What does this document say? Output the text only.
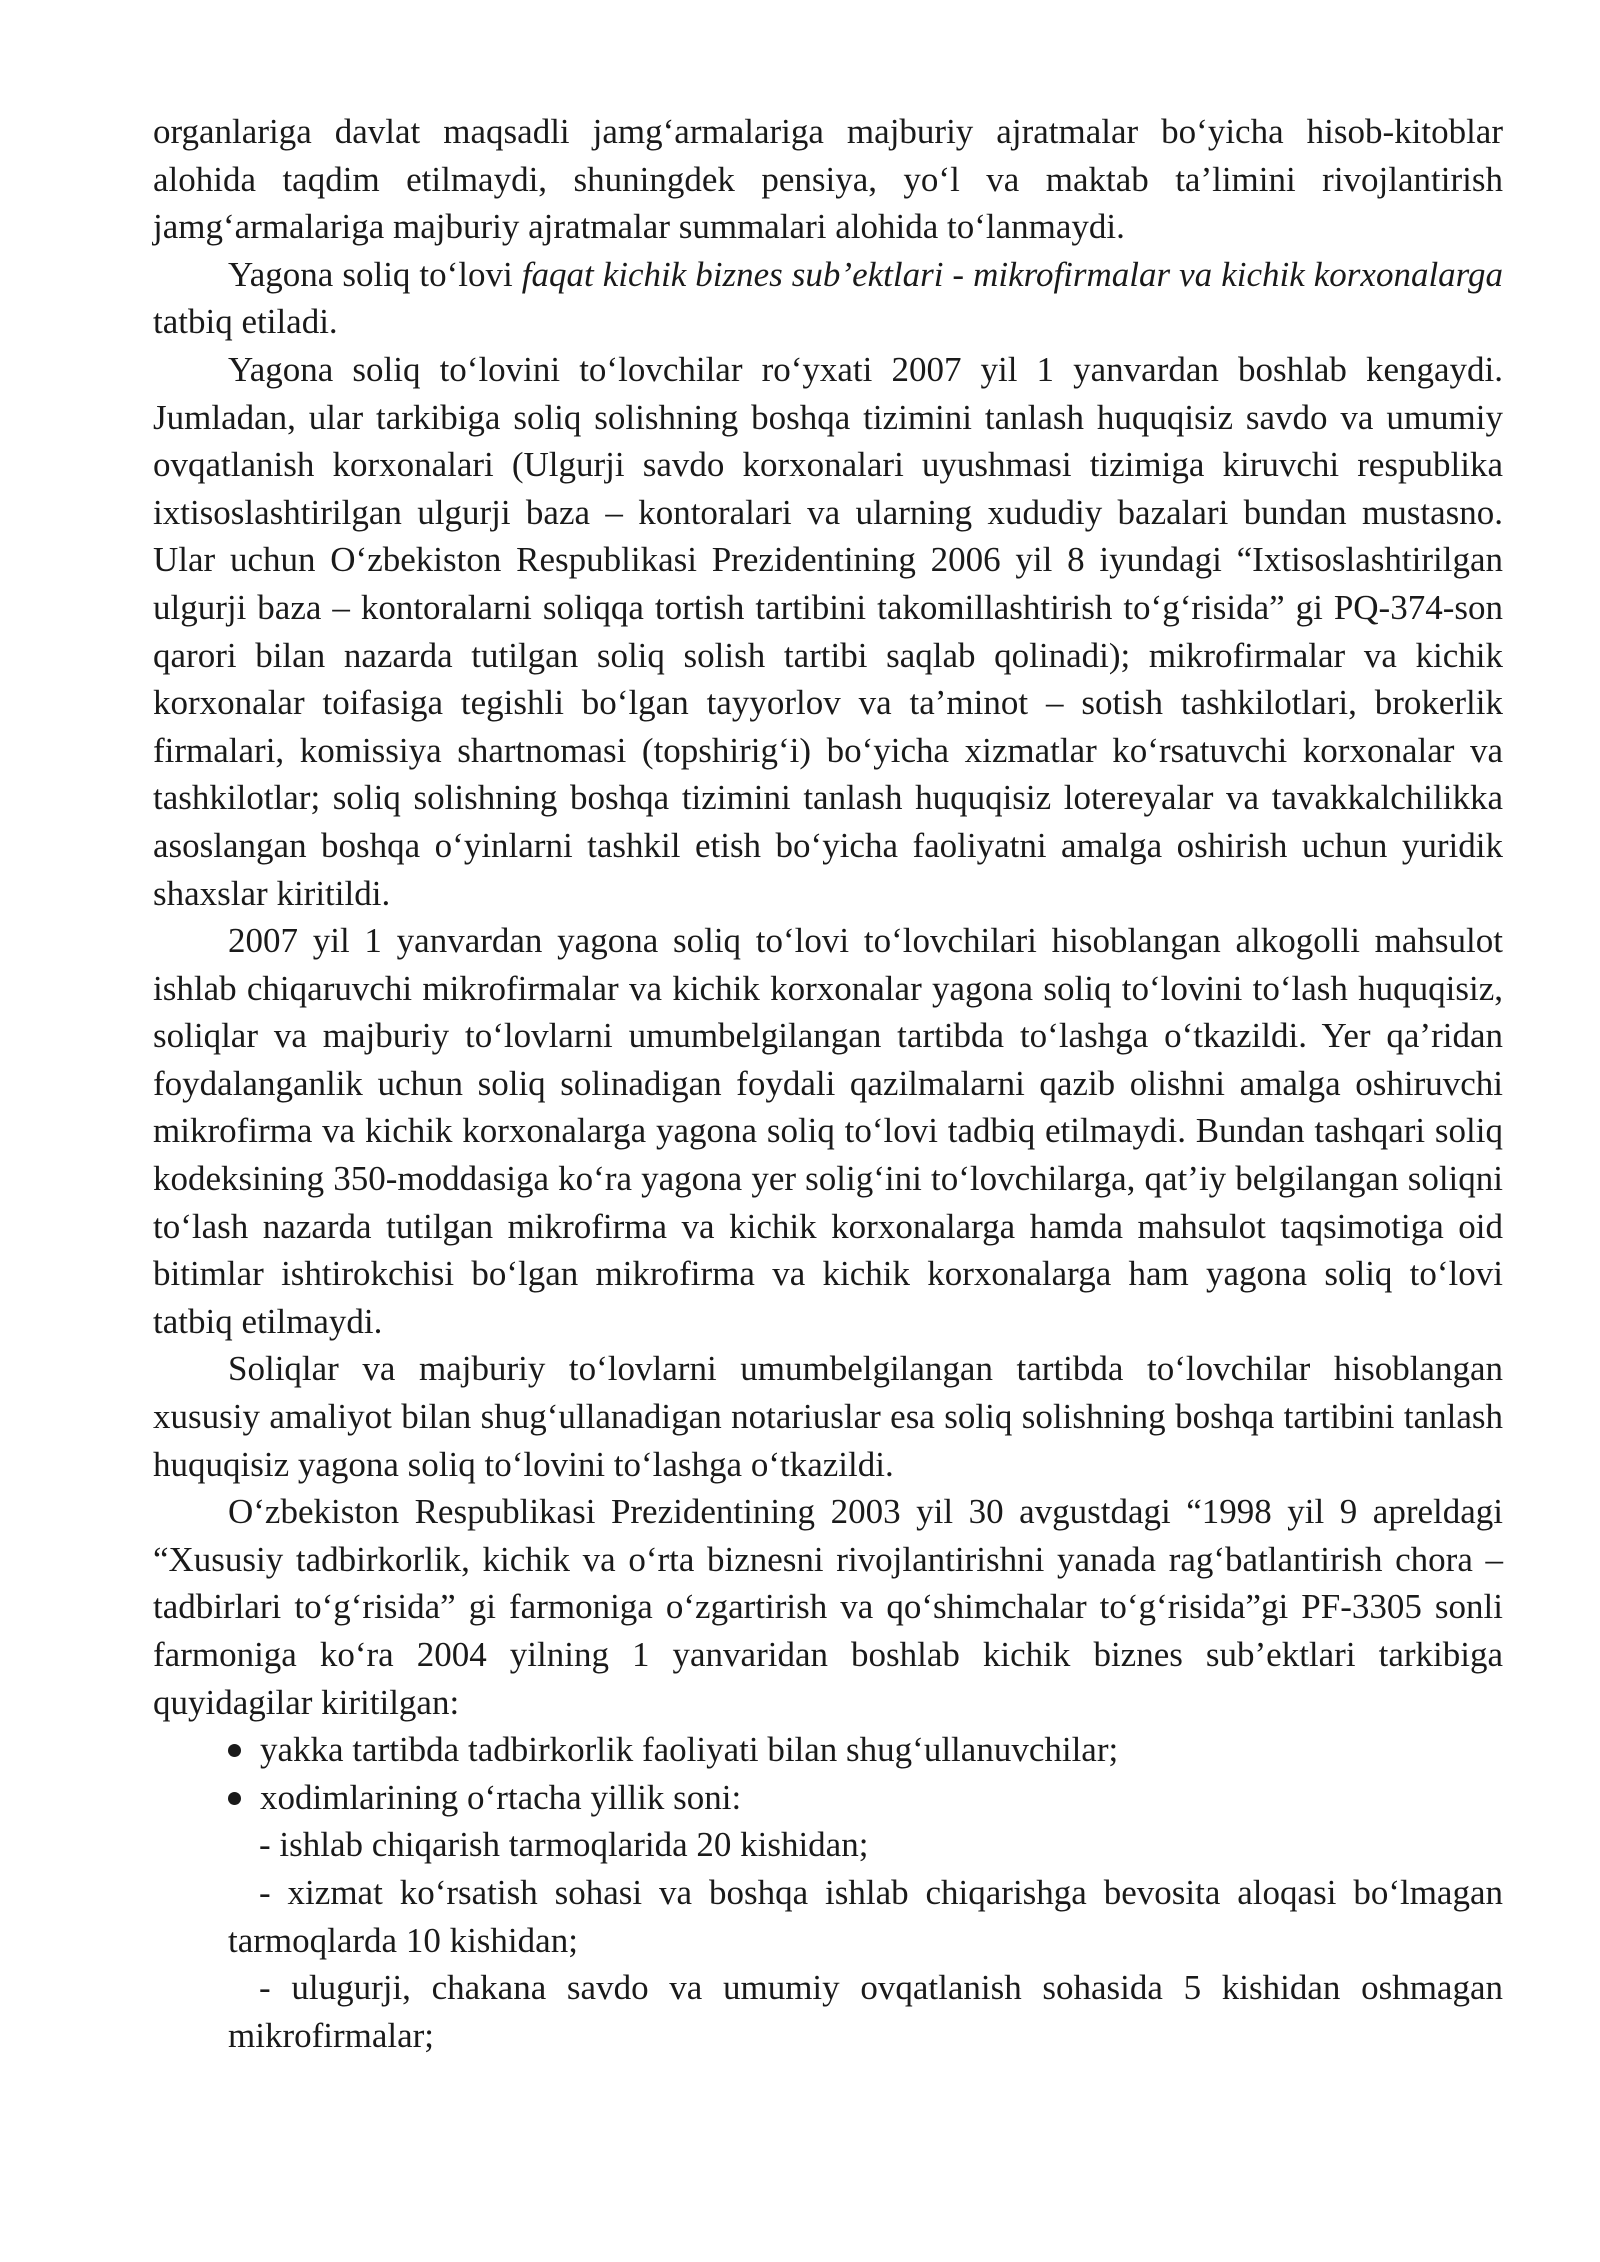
organlariga davlat maqsadli jamg‘armalariga majburiy ajratmalar bo‘yicha hisob-kitoblar alohida taqdim etilmaydi, shuningdek pensiya, yo‘l va maktab ta’limini rivojlantirish jamg‘armalariga majburiy ajratmalar summalari alohida to‘lanmaydi.

Yagona soliq to‘lovi faqat kichik biznes sub’ektlari - mikrofirmalar va kichik korxonalarga tatbiq etiladi.

Yagona soliq to‘lovini to‘lovchilar ro‘yxati 2007 yil 1 yanvardan boshlab kengaydi. Jumladan, ular tarkibiga soliq solishning boshqa tizimini tanlash huquqisiz savdo va umumiy ovqatlanish korxonalari (Ulgurji savdo korxonalari uyushmasi tizimiga kiruvchi respublika ixtisoslashtirilgan ulgurji baza – kontoralari va ularning xududiy bazalari bundan mustasno. Ular uchun O‘zbekiston Respublikasi Prezidentining 2006 yil 8 iyundagi “Ixtisoslashtirilgan ulgurji baza – kontoralarni soliqqa tortish tartibini takomillashtirish to‘g‘risida” gi PQ-374-son qarori bilan nazarda tutilgan soliq solish tartibi saqlab qolinadi); mikrofirmalar va kichik korxonalar toifasiga tegishli bo‘lgan tayyorlov va ta’minot – sotish tashkilotlari, brokerlik firmalari, komissiya shartnomasi (topshirig‘i) bo‘yicha xizmatlar ko‘rsatuvchi korxonalar va tashkilotlar; soliq solishning boshqa tizimini tanlash huquqisiz lotereyalar va tavakkalchilikka asoslangan boshqa o‘yinlarni tashkil etish bo‘yicha faoliyatni amalga oshirish uchun yuridik shaxslar kiritildi.

2007 yil 1 yanvardan yagona soliq to‘lovi to‘lovchilari hisoblangan alkogolli mahsulot ishlab chiqaruvchi mikrofirmalar va kichik korxonalar yagona soliq to‘lovini to‘lash huquqisiz, soliqlar va majburiy to‘lovlarni umumbelgilangan tartibda to‘lashga o‘tkazildi. Yer qa’ridan foydalanganlik uchun soliq solinadigan foydali qazilmalarni qazib olishni amalga oshiruvchi mikrofirma va kichik korxonalarga yagona soliq to‘lovi tadbiq etilmaydi. Bundan tashqari soliq kodeksining 350-moddasiga ko‘ra yagona yer solig‘ini to‘lovchilarga, qat’iy belgilangan soliqni to‘lash nazarda tutilgan mikrofirma va kichik korxonalarga hamda mahsulot taqsimotiga oid bitimlar ishtirokchisi bo‘lgan mikrofirma va kichik korxonalarga ham yagona soliq to‘lovi tatbiq etilmaydi.

Soliqlar va majburiy to‘lovlarni umumbelgilangan tartibda to‘lovchilar hisoblangan xususiy amaliyot bilan shug‘ullanadigan notariuslar esa soliq solishning boshqa tartibini tanlash huquqisiz yagona soliq to‘lovini to‘lashga o‘tkazildi.

O‘zbekiston Respublikasi Prezidentining 2003 yil 30 avgustdagi “1998 yil 9 apreldagi “Xususiy tadbirkorlik, kichik va o‘rta biznesni rivojlantirishni yanada rag‘batlantirish chora – tadbirlari to‘g‘risida” gi farmoniga o‘zgartirish va qo‘shimchalar to‘g‘risida”gi PF-3305 sonli farmoniga ko‘ra 2004 yilning 1 yanvaridan boshlab kichik biznes sub’ektlari tarkibiga quyidagilar kiritilgan:

yakka tartibda tadbirkorlik faoliyati bilan shug‘ullanuvchilar;
xodimlarining o‘rtacha yillik soni:

- ishlab chiqarish tarmoqlarida 20 kishidan;

- xizmat ko‘rsatish sohasi va boshqa ishlab chiqarishga bevosita aloqasi bo‘lmagan tarmoqlarda 10 kishidan;

- ulugurji, chakana savdo va umumiy ovqatlanish sohasida 5 kishidan oshmagan mikrofirmalar;
